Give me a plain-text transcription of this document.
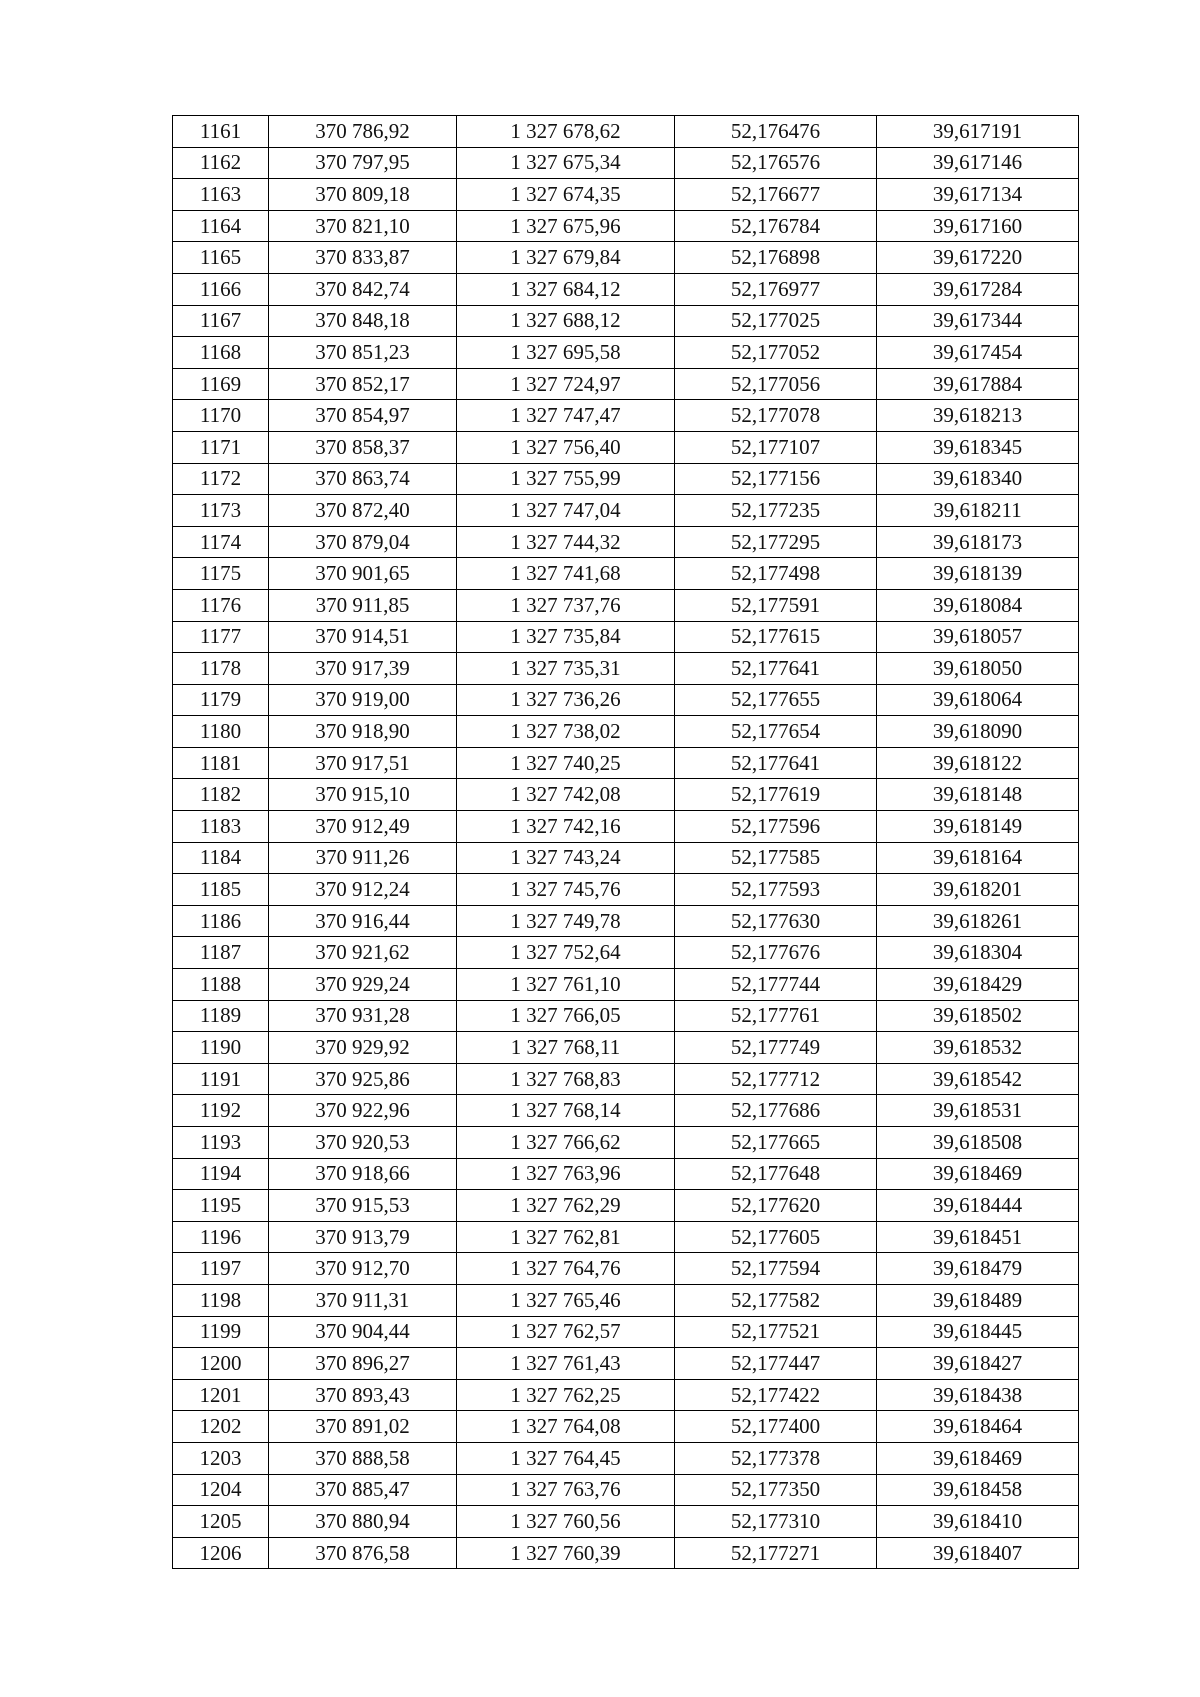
1161	370 786,92	1 327 678,62	52,176476	39,617191
1162	370 797,95	1 327 675,34	52,176576	39,617146
1163	370 809,18	1 327 674,35	52,176677	39,617134
1164	370 821,10	1 327 675,96	52,176784	39,617160
1165	370 833,87	1 327 679,84	52,176898	39,617220
1166	370 842,74	1 327 684,12	52,176977	39,617284
1167	370 848,18	1 327 688,12	52,177025	39,617344
1168	370 851,23	1 327 695,58	52,177052	39,617454
1169	370 852,17	1 327 724,97	52,177056	39,617884
1170	370 854,97	1 327 747,47	52,177078	39,618213
1171	370 858,37	1 327 756,40	52,177107	39,618345
1172	370 863,74	1 327 755,99	52,177156	39,618340
1173	370 872,40	1 327 747,04	52,177235	39,618211
1174	370 879,04	1 327 744,32	52,177295	39,618173
1175	370 901,65	1 327 741,68	52,177498	39,618139
1176	370 911,85	1 327 737,76	52,177591	39,618084
1177	370 914,51	1 327 735,84	52,177615	39,618057
1178	370 917,39	1 327 735,31	52,177641	39,618050
1179	370 919,00	1 327 736,26	52,177655	39,618064
1180	370 918,90	1 327 738,02	52,177654	39,618090
1181	370 917,51	1 327 740,25	52,177641	39,618122
1182	370 915,10	1 327 742,08	52,177619	39,618148
1183	370 912,49	1 327 742,16	52,177596	39,618149
1184	370 911,26	1 327 743,24	52,177585	39,618164
1185	370 912,24	1 327 745,76	52,177593	39,618201
1186	370 916,44	1 327 749,78	52,177630	39,618261
1187	370 921,62	1 327 752,64	52,177676	39,618304
1188	370 929,24	1 327 761,10	52,177744	39,618429
1189	370 931,28	1 327 766,05	52,177761	39,618502
1190	370 929,92	1 327 768,11	52,177749	39,618532
1191	370 925,86	1 327 768,83	52,177712	39,618542
1192	370 922,96	1 327 768,14	52,177686	39,618531
1193	370 920,53	1 327 766,62	52,177665	39,618508
1194	370 918,66	1 327 763,96	52,177648	39,618469
1195	370 915,53	1 327 762,29	52,177620	39,618444
1196	370 913,79	1 327 762,81	52,177605	39,618451
1197	370 912,70	1 327 764,76	52,177594	39,618479
1198	370 911,31	1 327 765,46	52,177582	39,618489
1199	370 904,44	1 327 762,57	52,177521	39,618445
1200	370 896,27	1 327 761,43	52,177447	39,618427
1201	370 893,43	1 327 762,25	52,177422	39,618438
1202	370 891,02	1 327 764,08	52,177400	39,618464
1203	370 888,58	1 327 764,45	52,177378	39,618469
1204	370 885,47	1 327 763,76	52,177350	39,618458
1205	370 880,94	1 327 760,56	52,177310	39,618410
1206	370 876,58	1 327 760,39	52,177271	39,618407
